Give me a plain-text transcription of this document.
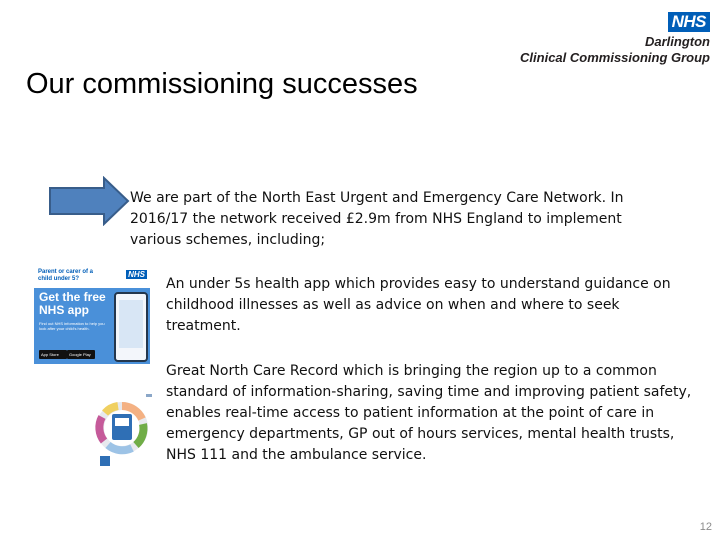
NHS
Darlington
Clinical Commissioning Group
Our commissioning successes

We are part of the North East Urgent and Emergency Care Network. In 2016/17 the network received £2.9m from NHS England to implement various schemes, including;

Parent or carer of a child under 5?	NHS
Get the free NHS app
Find out NHS information to help you look after your child's health.
App Store	Google Play

An under 5s health app which provides easy to understand guidance on childhood illnesses as well as advice on when and where to seek treatment.

Great North Care Record which is bringing the region up to a common standard of information-sharing, saving time and improving patient safety, enables real-time access to patient information at the point of care in emergency departments, GP out of hours services, mental health trusts, NHS 111 and the ambulance service.

12
